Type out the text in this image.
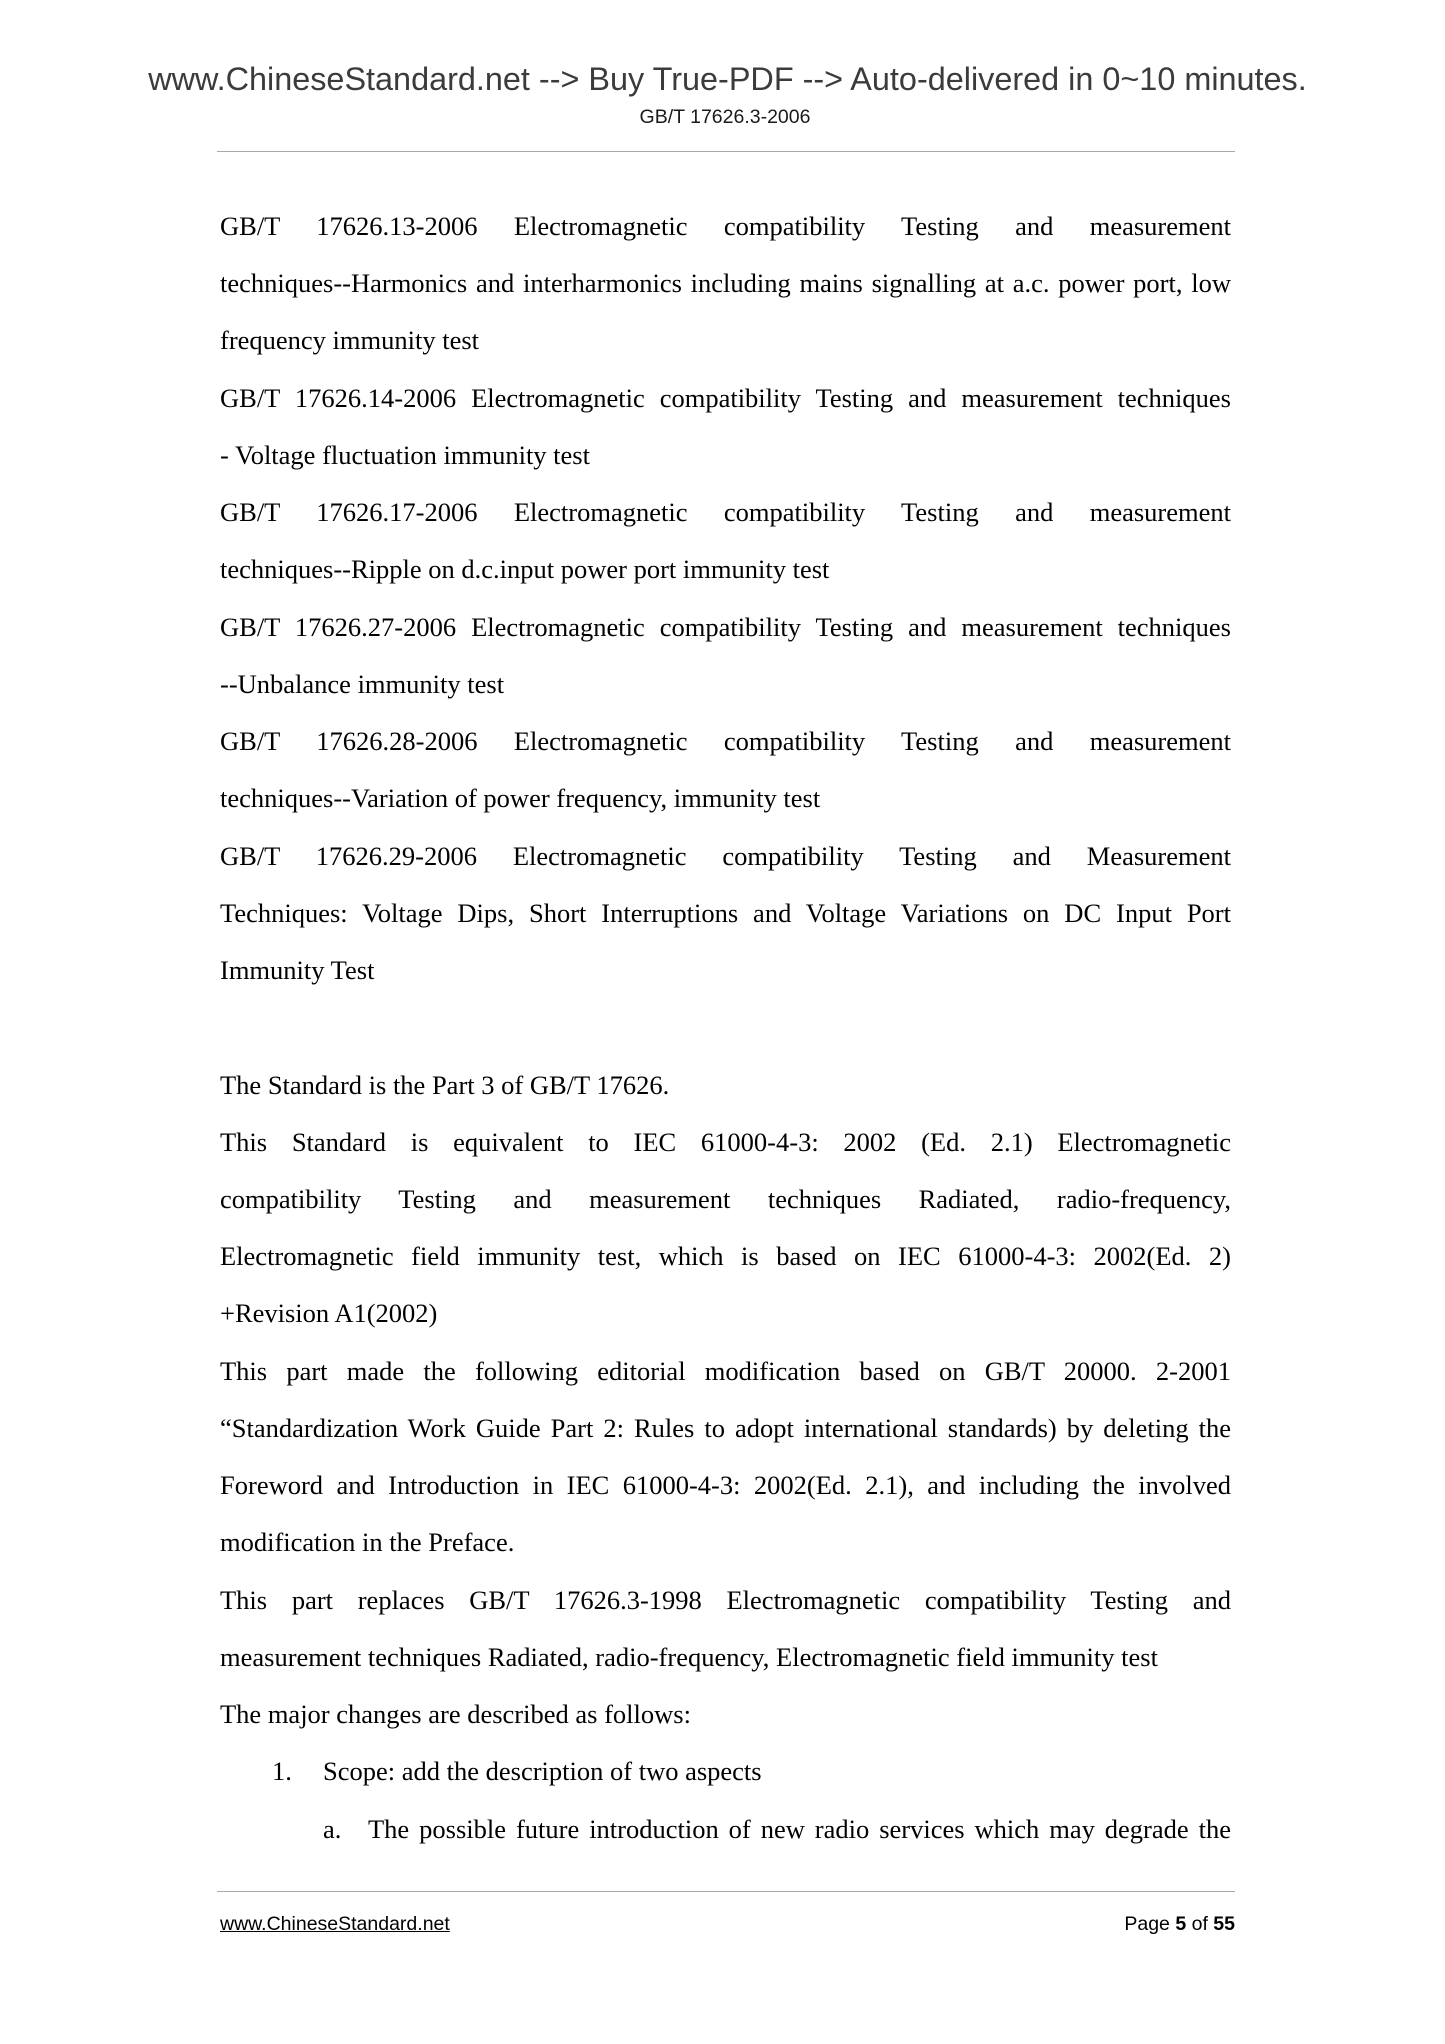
www.ChineseStandard.net --> Buy True-PDF --> Auto-delivered in 0~10 minutes.
GB/T 17626.3-2006
GB/T 17626.13-2006 Electromagnetic compatibility Testing and measurement
techniques--Harmonics and interharmonics including mains signalling at a.c. power port, low
frequency immunity test
GB/T 17626.14-2006 Electromagnetic compatibility Testing and measurement techniques
- Voltage fluctuation immunity test
GB/T 17626.17-2006 Electromagnetic compatibility Testing and measurement
techniques--Ripple on d.c.input power port immunity test
GB/T 17626.27-2006 Electromagnetic compatibility Testing and measurement techniques
--Unbalance immunity test
GB/T 17626.28-2006 Electromagnetic compatibility Testing and measurement
techniques--Variation of power frequency, immunity test
GB/T 17626.29-2006 Electromagnetic compatibility Testing and Measurement
Techniques: Voltage Dips, Short Interruptions and Voltage Variations on DC Input Port
Immunity Test
The Standard is the Part 3 of GB/T 17626.
This Standard is equivalent to IEC 61000-4-3: 2002 (Ed. 2.1) Electromagnetic
compatibility Testing and measurement techniques Radiated, radio-frequency,
Electromagnetic field immunity test, which is based on IEC 61000-4-3: 2002(Ed. 2)
+Revision A1(2002)
This part made the following editorial modification based on GB/T 20000. 2-2001
“Standardization Work Guide Part 2: Rules to adopt international standards) by deleting the
Foreword and Introduction in IEC 61000-4-3: 2002(Ed. 2.1), and including the involved
modification in the Preface.
This part replaces GB/T 17626.3-1998 Electromagnetic compatibility Testing and
measurement techniques Radiated, radio-frequency, Electromagnetic field immunity test
The major changes are described as follows:
1. Scope: add the description of two aspects
a. The possible future introduction of new radio services which may degrade the
www.ChineseStandard.net	Page 5 of 55
